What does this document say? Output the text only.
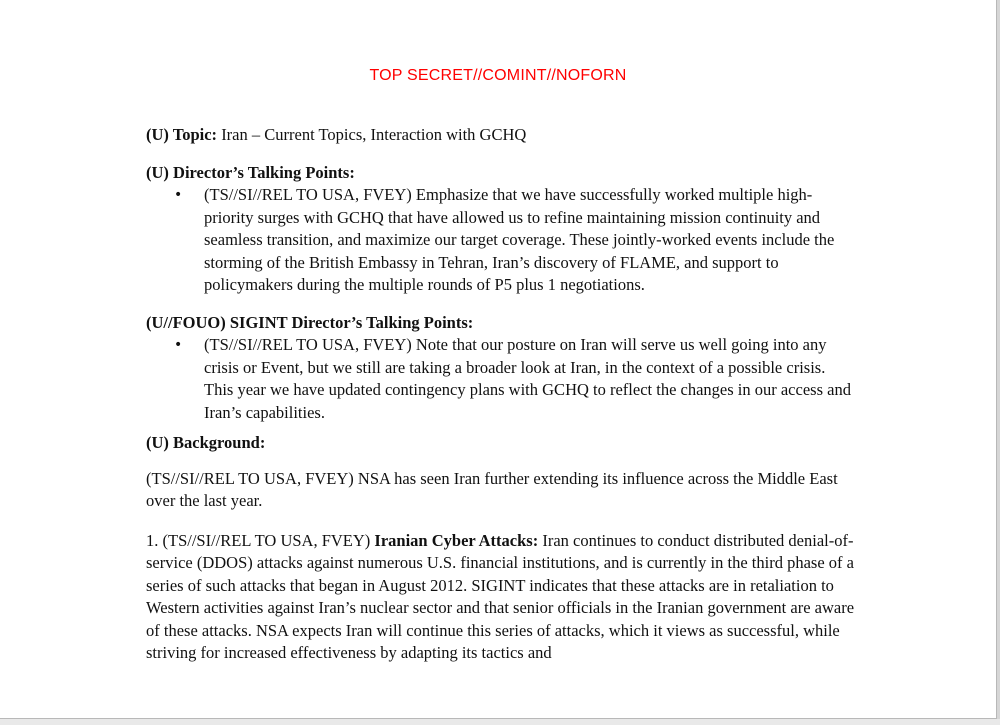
TOP SECRET//COMINT//NOFORN

(U) Topic: Iran – Current Topics, Interaction with GCHQ

(U) Director’s Talking Points:

• (TS//SI//REL TO USA, FVEY) Emphasize that we have successfully worked multiple high-priority surges with GCHQ that have allowed us to refine maintaining mission continuity and seamless transition, and maximize our target coverage. These jointly-worked events include the storming of the British Embassy in Tehran, Iran’s discovery of FLAME, and support to policymakers during the multiple rounds of P5 plus 1 negotiations.

(U//FOUO) SIGINT Director’s Talking Points:

• (TS//SI//REL TO USA, FVEY) Note that our posture on Iran will serve us well going into any crisis or Event, but we still are taking a broader look at Iran, in the context of a possible crisis. This year we have updated contingency plans with GCHQ to reflect the changes in our access and Iran’s capabilities.

(U) Background:

(TS//SI//REL TO USA, FVEY) NSA has seen Iran further extending its influence across the Middle East over the last year.

1. (TS//SI//REL TO USA, FVEY) Iranian Cyber Attacks: Iran continues to conduct distributed denial-of-service (DDOS) attacks against numerous U.S. financial institutions, and is currently in the third phase of a series of such attacks that began in August 2012. SIGINT indicates that these attacks are in retaliation to Western activities against Iran’s nuclear sector and that senior officials in the Iranian government are aware of these attacks. NSA expects Iran will continue this series of attacks, which it views as successful, while striving for increased effectiveness by adapting its tactics and
